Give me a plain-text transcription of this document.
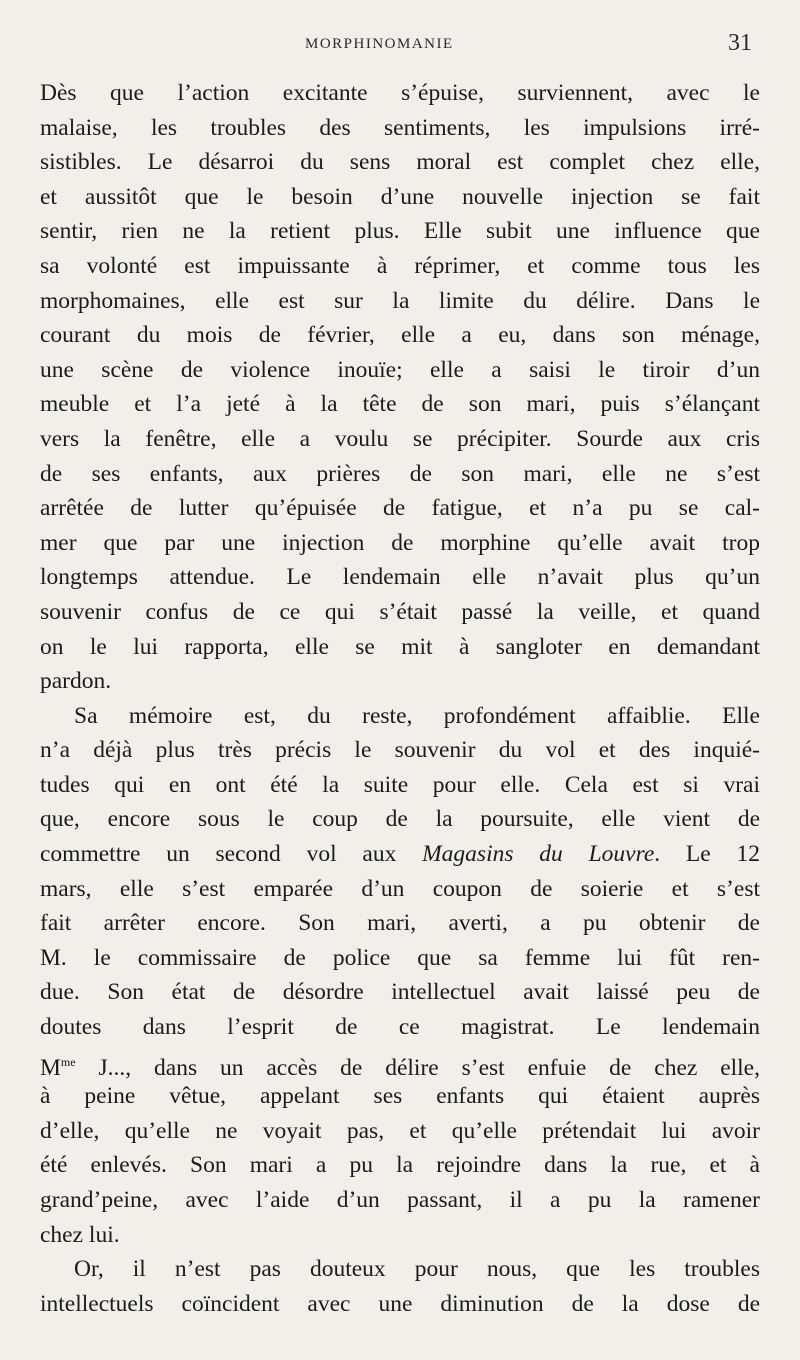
MORPHINOMANIE	31
Dès que l’action excitante s’épuise, surviennent, avec le
malaise, les troubles des sentiments, les impulsions irré-
sistibles. Le désarroi du sens moral est complet chez elle,
et aussitôt que le besoin d’une nouvelle injection se fait
sentir, rien ne la retient plus. Elle subit une influence que
sa volonté est impuissante à réprimer, et comme tous les
morphomaines, elle est sur la limite du délire. Dans le
courant du mois de février, elle a eu, dans son ménage,
une scène de violence inouïe; elle a saisi le tiroir d’un
meuble et l’a jeté à la tête de son mari, puis s’élançant
vers la fenêtre, elle a voulu se précipiter. Sourde aux cris
de ses enfants, aux prières de son mari, elle ne s’est
arrêtée de lutter qu’épuisée de fatigue, et n’a pu se cal-
mer que par une injection de morphine qu’elle avait trop
longtemps attendue. Le lendemain elle n’avait plus qu’un
souvenir confus de ce qui s’était passé la veille, et quand
on le lui rapporta, elle se mit à sangloter en demandant
pardon.
Sa mémoire est, du reste, profondément affaiblie. Elle
n’a déjà plus très précis le souvenir du vol et des inquié-
tudes qui en ont été la suite pour elle. Cela est si vrai
que, encore sous le coup de la poursuite, elle vient de
commettre un second vol aux Magasins du Louvre. Le 12
mars, elle s’est emparée d’un coupon de soierie et s’est
fait arrêter encore. Son mari, averti, a pu obtenir de
M. le commissaire de police que sa femme lui fût ren-
due. Son état de désordre intellectuel avait laissé peu de
doutes dans l’esprit de ce magistrat. Le lendemain
$M^{me}$ J..., dans un accès de délire s’est enfuie de chez elle,
à peine vêtue, appelant ses enfants qui étaient auprès
d’elle, qu’elle ne voyait pas, et qu’elle prétendait lui avoir
été enlevés. Son mari a pu la rejoindre dans la rue, et à
grand’peine, avec l’aide d’un passant, il a pu la ramener
chez lui.
Or, il n’est pas douteux pour nous, que les troubles
intellectuels coïncident avec une diminution de la dose de
